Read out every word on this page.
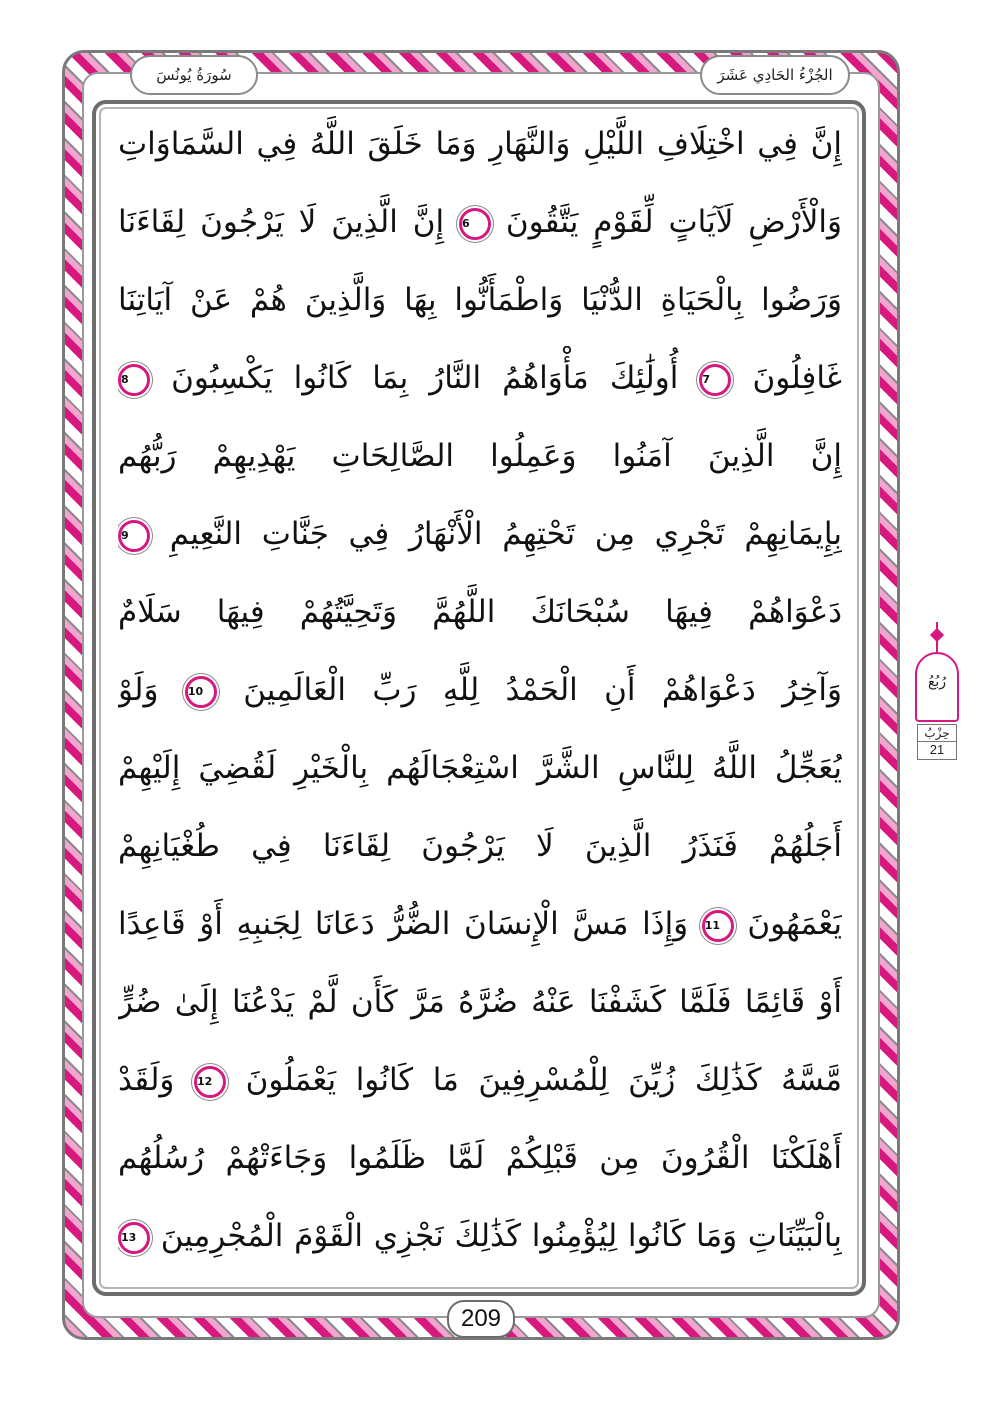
سُورَةُ يُونُسَ	الجُزْءُ الحَادِي عَشَرَ
إِنَّ فِي اخْتِلَافِ اللَّيْلِ وَالنَّهَارِ وَمَا خَلَقَ اللَّهُ فِي السَّمَاوَاتِ
وَالْأَرْضِ لَآيَاتٍ لِّقَوْمٍ يَتَّقُونَ 6 إِنَّ الَّذِينَ لَا يَرْجُونَ لِقَاءَنَا
وَرَضُوا بِالْحَيَاةِ الدُّنْيَا وَاطْمَأَنُّوا بِهَا وَالَّذِينَ هُمْ عَنْ آيَاتِنَا
غَافِلُونَ 7 أُولَٰئِكَ مَأْوَاهُمُ النَّارُ بِمَا كَانُوا يَكْسِبُونَ 8
إِنَّ الَّذِينَ آمَنُوا وَعَمِلُوا الصَّالِحَاتِ يَهْدِيهِمْ رَبُّهُم
بِإِيمَانِهِمْ تَجْرِي مِن تَحْتِهِمُ الْأَنْهَارُ فِي جَنَّاتِ النَّعِيمِ 9
دَعْوَاهُمْ فِيهَا سُبْحَانَكَ اللَّهُمَّ وَتَحِيَّتُهُمْ فِيهَا سَلَامٌ
وَآخِرُ دَعْوَاهُمْ أَنِ الْحَمْدُ لِلَّهِ رَبِّ الْعَالَمِينَ 10 وَلَوْ
يُعَجِّلُ اللَّهُ لِلنَّاسِ الشَّرَّ اسْتِعْجَالَهُم بِالْخَيْرِ لَقُضِيَ إِلَيْهِمْ
أَجَلُهُمْ فَنَذَرُ الَّذِينَ لَا يَرْجُونَ لِقَاءَنَا فِي طُغْيَانِهِمْ
يَعْمَهُونَ 11 وَإِذَا مَسَّ الْإِنسَانَ الضُّرُّ دَعَانَا لِجَنبِهِ أَوْ قَاعِدًا
أَوْ قَائِمًا فَلَمَّا كَشَفْنَا عَنْهُ ضُرَّهُ مَرَّ كَأَن لَّمْ يَدْعُنَا إِلَىٰ ضُرٍّ
مَّسَّهُ كَذَٰلِكَ زُيِّنَ لِلْمُسْرِفِينَ مَا كَانُوا يَعْمَلُونَ 12 وَلَقَدْ
أَهْلَكْنَا الْقُرُونَ مِن قَبْلِكُمْ لَمَّا ظَلَمُوا وَجَاءَتْهُمْ رُسُلُهُم
بِالْبَيِّنَاتِ وَمَا كَانُوا لِيُؤْمِنُوا كَذَٰلِكَ نَجْزِي الْقَوْمَ الْمُجْرِمِينَ 13
رُبُعُ
حِزْبُ
21
209
